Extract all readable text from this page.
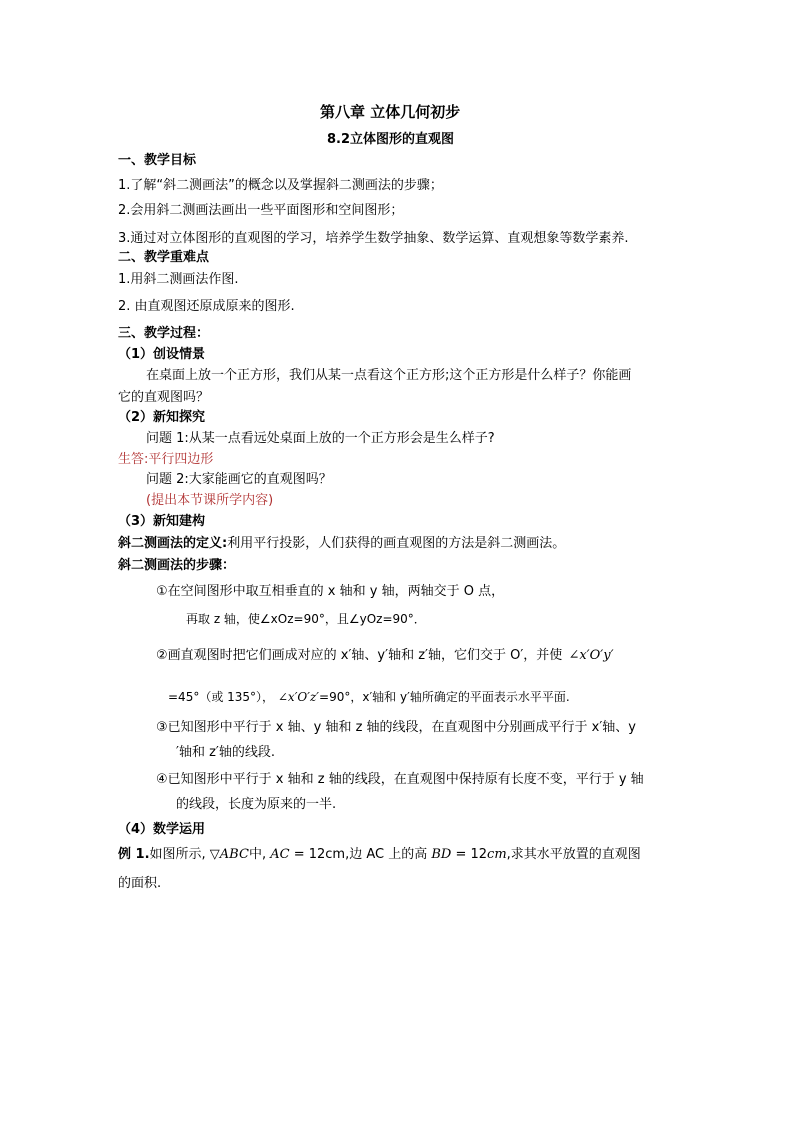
第八章 立体几何初步
8.2立体图形的直观图
一、教学目标
1.了解“斜二测画法”的概念以及掌握斜二测画法的步骤；
2.会用斜二测画法画出一些平面图形和空间图形；
3.通过对立体图形的直观图的学习，培养学生数学抽象、数学运算、直观想象等数学素养.
二、教学重难点
1.用斜二测画法作图.
2. 由直观图还原成原来的图形.
三、教学过程：
（1）创设情景
在桌面上放一个正方形，我们从某一点看这个正方形;这个正方形是什么样子？你能画
它的直观图吗？
（2）新知探究
问题 1:从某一点看远处桌面上放的一个正方形会是生么样子?
生答:平行四边形
问题 2:大家能画它的直观图吗？
(提出本节课所学内容)
（3）新知建构
斜二测画法的定义:利用平行投影，人们获得的画直观图的方法是斜二测画法。
斜二测画法的步骤：
①在空间图形中取互相垂直的 x 轴和 y 轴，两轴交于 O 点，
再取 z 轴，使∠xOz=90°，且∠yOz=90°．
②画直观图时把它们画成对应的 x′轴、y′轴和 z′轴，它们交于 O′，并使 ∠x′O′y′
=45°（或 135°）， ∠x′O′z′=90°，x′轴和 y′轴所确定的平面表示水平平面.
③已知图形中平行于 x 轴、y 轴和 z 轴的线段，在直观图中分别画成平行于 x′轴、y
′轴和 z′轴的线段.
④已知图形中平行于 x 轴和 z 轴的线段，在直观图中保持原有长度不变，平行于 y 轴
的线段，长度为原来的一半.
（4）数学运用
例 1.如图所示, ▽ABC中, AC = 12cm,边 AC 上的高 BD = 12cm,求其水平放置的直观图
的面积.
